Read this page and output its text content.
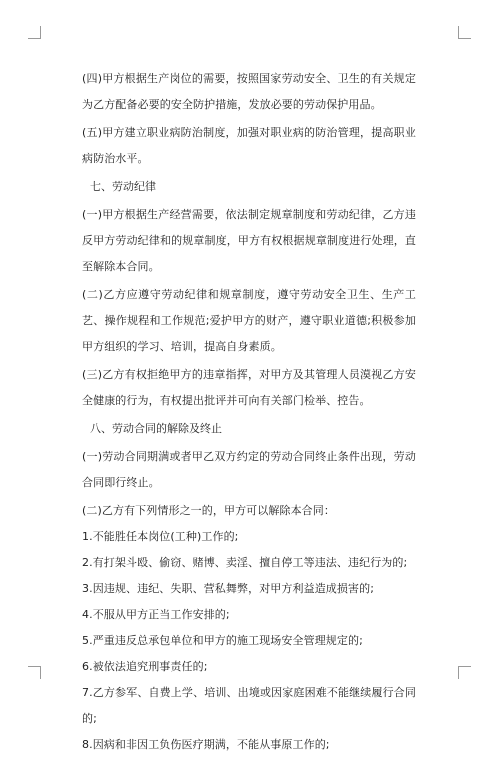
(四)甲方根据生产岗位的需要，按照国家劳动安全、卫生的有关规定为乙方配备必要的安全防护措施，发放必要的劳动保护用品。

(五)甲方建立职业病防治制度，加强对职业病的防治管理，提高职业病防治水平。

七、劳动纪律

(一)甲方根据生产经营需要，依法制定规章制度和劳动纪律，乙方违反甲方劳动纪律和的规章制度，甲方有权根据规章制度进行处理，直至解除本合同。

(二)乙方应遵守劳动纪律和规章制度，遵守劳动安全卫生、生产工艺、操作规程和工作规范;爱护甲方的财产，遵守职业道德;积极参加甲方组织的学习、培训，提高自身素质。

(三)乙方有权拒绝甲方的违章指挥，对甲方及其管理人员漠视乙方安全健康的行为，有权提出批评并可向有关部门检举、控告。

八、劳动合同的解除及终止

(一)劳动合同期满或者甲乙双方约定的劳动合同终止条件出现，劳动合同即行终止。

(二)乙方有下列情形之一的，甲方可以解除本合同：

1.不能胜任本岗位(工种)工作的;

2.有打架斗殴、偷窃、赌博、卖淫、擅自停工等违法、违纪行为的;

3.因违规、违纪、失职、营私舞弊，对甲方利益造成损害的;

4.不服从甲方正当工作安排的;

5.严重违反总承包单位和甲方的施工现场安全管理规定的;

6.被依法追究刑事责任的;

7.乙方参军、自费上学、培训、出境或因家庭困难不能继续履行合同的;

8.因病和非因工负伤医疗期满，不能从事原工作的;
